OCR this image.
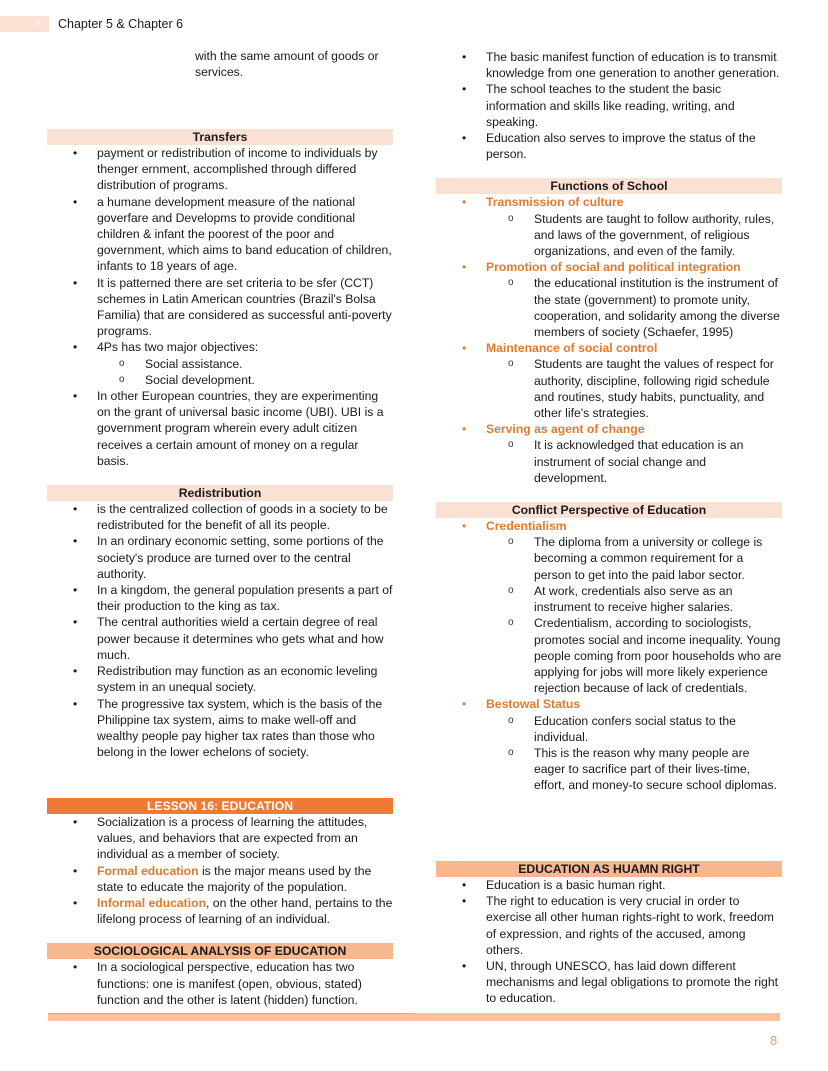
8	Chapter 5 & Chapter 6
with the same amount of goods or services.
Transfers
• payment or redistribution of income to individuals by thenger ernment, accomplished through differed distribution of programs.
• a humane development measure of the national goverfare and Developms to provide conditional children & infant the poorest of the poor and government, which aims to band education of children, infants to 18 years of age.
• It is patterned there are set criteria to be sfer (CCT) schemes in Latin American countries (Brazil's Bolsa Familia) that are considered as successful anti-poverty programs.
• 4Ps has two major objectives:
o Social assistance.
o Social development.
• In other European countries, they are experimenting on the grant of universal basic income (UBI). UBI is a government program wherein every adult citizen receives a certain amount of money on a regular basis.
Redistribution
• is the centralized collection of goods in a society to be redistributed for the benefit of all its people.
• In an ordinary economic setting, some portions of the society's produce are turned over to the central authority.
• In a kingdom, the general population presents a part of their production to the king as tax.
• The central authorities wield a certain degree of real power because it determines who gets what and how much.
• Redistribution may function as an economic leveling system in an unequal society.
• The progressive tax system, which is the basis of the Philippine tax system, aims to make well-off and wealthy people pay higher tax rates than those who belong in the lower echelons of society.
LESSON 16: EDUCATION
• Socialization is a process of learning the attitudes, values, and behaviors that are expected from an individual as a member of society.
• Formal education is the major means used by the state to educate the majority of the population.
• Informal education, on the other hand, pertains to the lifelong process of learning of an individual.
SOCIOLOGICAL ANALYSIS OF EDUCATION
• In a sociological perspective, education has two functions: one is manifest (open, obvious, stated) function and the other is latent (hidden) function.
• The basic manifest function of education is to transmit knowledge from one generation to another generation.
• The school teaches to the student the basic information and skills like reading, writing, and speaking.
• Education also serves to improve the status of the person.
Functions of School
• Transmission of culture
o Students are taught to follow authority, rules, and laws of the government, of religious organizations, and even of the family.
• Promotion of social and political integration
o the educational institution is the instrument of the state (government) to promote unity, cooperation, and solidarity among the diverse members of society (Schaefer, 1995)
• Maintenance of social control
o Students are taught the values of respect for authority, discipline, following rigid schedule and routines, study habits, punctuality, and other life's strategies.
• Serving as agent of change
o It is acknowledged that education is an instrument of social change and development.
Conflict Perspective of Education
• Credentialism
o The diploma from a university or college is becoming a common requirement for a person to get into the paid labor sector.
o At work, credentials also serve as an instrument to receive higher salaries.
o Credentialism, according to sociologists, promotes social and income inequality. Young people coming from poor households who are applying for jobs will more likely experience rejection because of lack of credentials.
• Bestowal Status
o Education confers social status to the individual.
o This is the reason why many people are eager to sacrifice part of their lives-time, effort, and money-to secure school diplomas.
EDUCATION AS HUAMN RIGHT
• Education is a basic human right.
• The right to education is very crucial in order to exercise all other human rights-right to work, freedom of expression, and rights of the accused, among others.
• UN, through UNESCO, has laid down different mechanisms and legal obligations to promote the right to education.
8
